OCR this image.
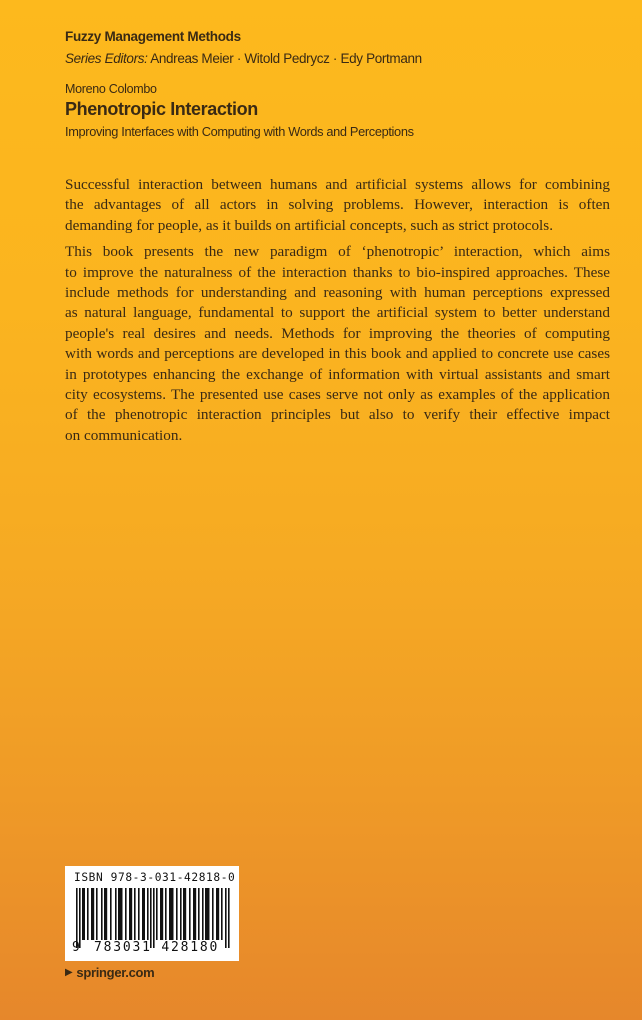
Fuzzy Management Methods
Series Editors: Andreas Meier · Witold Pedrycz · Edy Portmann
Moreno Colombo
Phenotropic Interaction
Improving Interfaces with Computing with Words and Perceptions

Successful interaction between humans and artificial systems allows for combining
the advantages of all actors in solving problems. However, interaction is often
demanding for people, as it builds on artificial concepts, such as strict protocols.

This book presents the new paradigm of ‘phenotropic’ interaction, which aims
to improve the naturalness of the interaction thanks to bio-inspired approaches. These
include methods for understanding and reasoning with human perceptions expressed
as natural language, fundamental to support the artificial system to better understand
people's real desires and needs. Methods for improving the theories of computing
with words and perceptions are developed in this book and applied to concrete use cases
in prototypes enhancing the exchange of information with virtual assistants and smart
city ecosystems. The presented use cases serve not only as examples of the application
of the phenotropic interaction principles but also to verify their effective impact
on communication.

ISBN 978-3-031-42818-0
9 783031 428180
▶ springer.com
